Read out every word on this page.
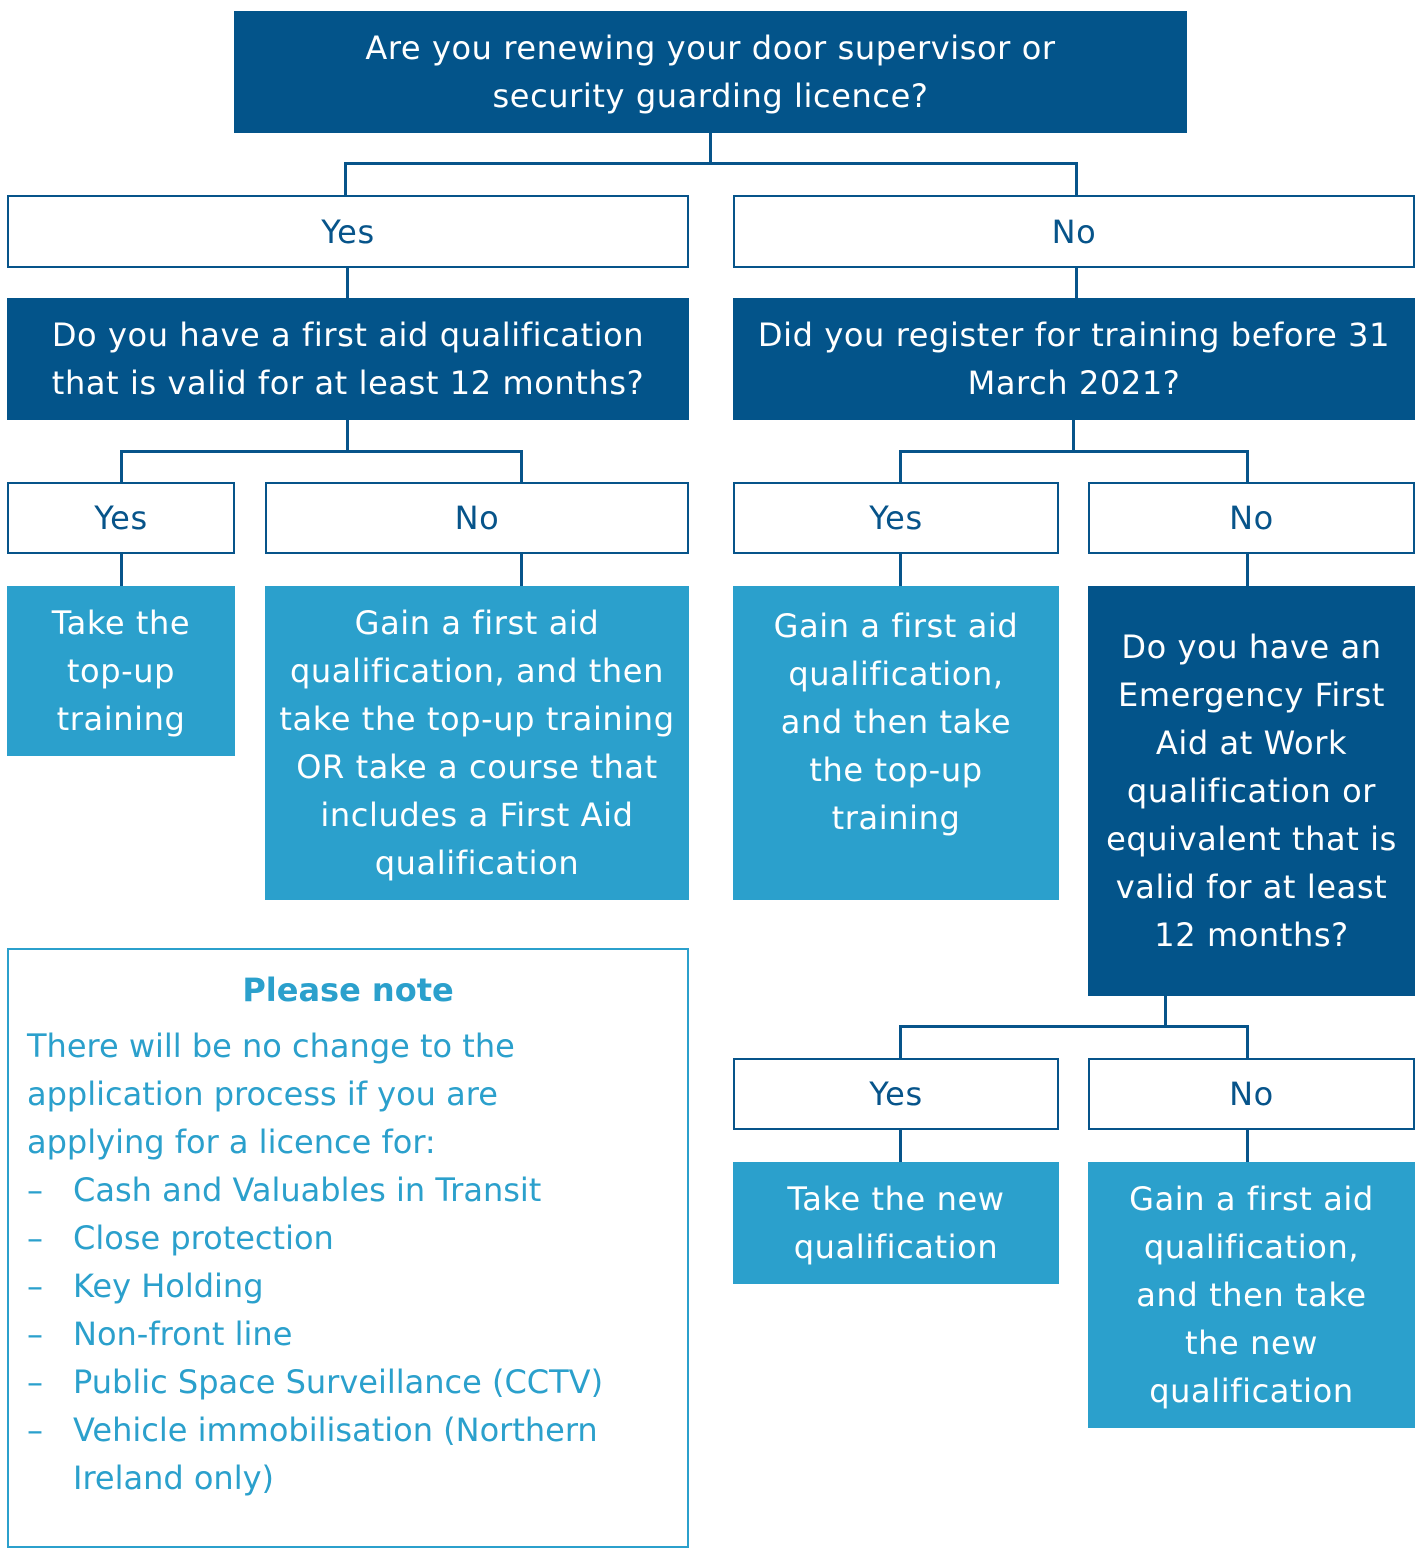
Are you renewing your door supervisor or security guarding licence?
Yes	No
Do you have a first aid qualification that is valid for at least 12 months?
Did you register for training before 31 March 2021?
Yes	No	Yes	No
Take the top-up training
Gain a first aid qualification, and then take the top-up training OR take a course that includes a First Aid qualification
Gain a first aid qualification, and then take the top-up training
Do you have an Emergency First Aid at Work qualification or equivalent that is valid for at least 12 months?
Yes	No
Take the new qualification
Gain a first aid qualification, and then take the new qualification
Please note

There will be no change to the application process if you are applying for a licence for:

– Cash and Valuables in Transit
– Close protection
– Key Holding
– Non-front line
– Public Space Surveillance (CCTV)
– Vehicle immobilisation (Northern Ireland only)
